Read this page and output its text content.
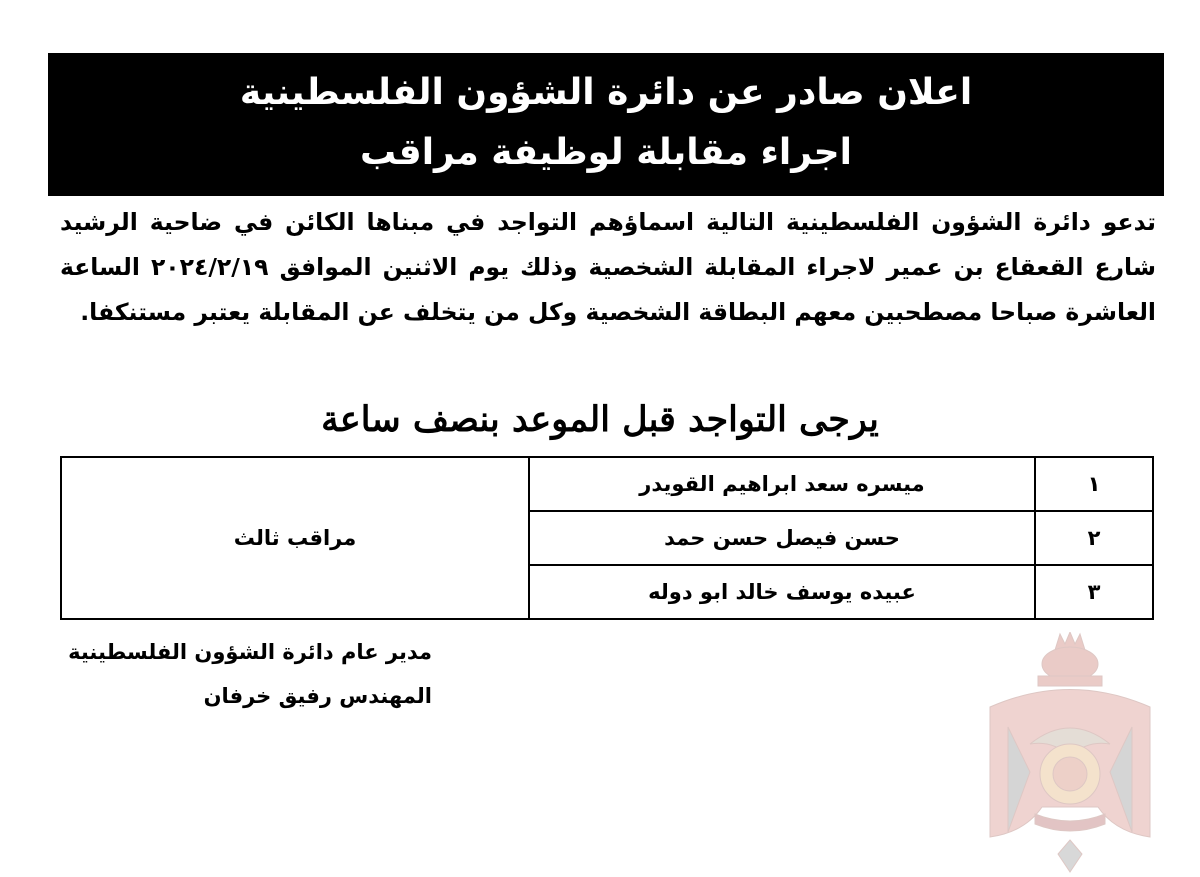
اعلان صادر عن دائرة الشؤون الفلسطينية
اجراء مقابلة لوظيفة مراقب
تدعو دائرة الشؤون الفلسطينية التالية اسماؤهم التواجد في مبناها الكائن في ضاحية الرشيد شارع القعقاع بن عمير لاجراء المقابلة الشخصية وذلك يوم الاثنين الموافق ٢٠٢٤/٢/١٩ الساعة العاشرة صباحا مصطحبين معهم البطاقة الشخصية وكل من يتخلف عن المقابلة يعتبر مستنكفا.
يرجى التواجد قبل الموعد بنصف ساعة
١	ميسره سعد ابراهيم القويدر	مراقب ثالث
٢	حسن فيصل حسن حمد	
٣	عبيده يوسف خالد ابو دوله	
مدير عام دائرة الشؤون الفلسطينية
المهندس رفيق خرفان
